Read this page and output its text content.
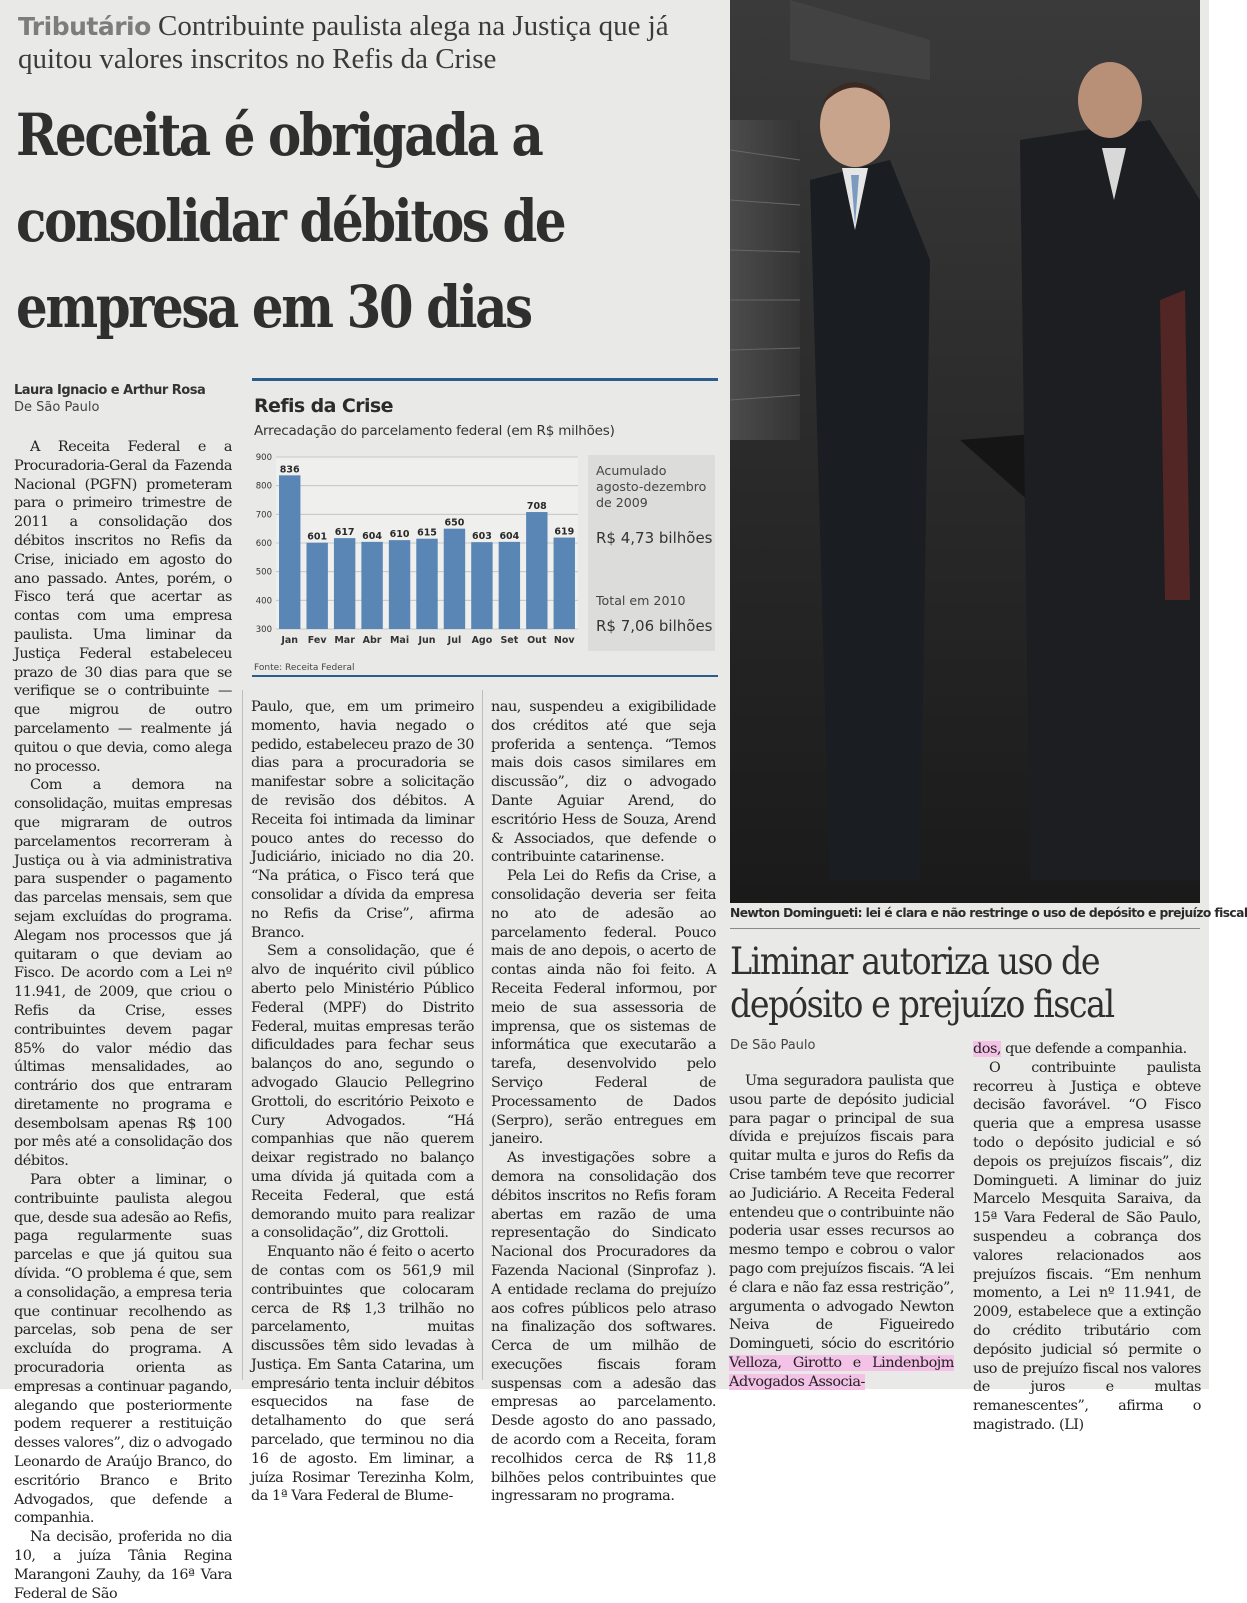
Tributário Contribuinte paulista alega na Justiça que já quitou valores inscritos no Refis da Crise
Receita é obrigada a
consolidar débitos de
empresa em 30 dias
Laura Ignacio e Arthur Rosa
De São Paulo

A Receita Federal e a Procuradoria-Geral da Fazenda Nacional (PGFN) prometeram para o primeiro trimestre de 2011 a consolidação dos débitos inscritos no Refis da Crise, iniciado em agosto do ano passado. Antes, porém, o Fisco terá que acertar as contas com uma empresa paulista. Uma liminar da Justiça Federal estabeleceu prazo de 30 dias para que se verifique se o contribuinte — que migrou de outro parcelamento — realmente já quitou o que devia, como alega no processo.

Com a demora na consolidação, muitas empresas que migraram de outros parcelamentos recorreram à Justiça ou à via administrativa para suspender o pagamento das parcelas mensais, sem que sejam excluídas do programa. Alegam nos processos que já quitaram o que deviam ao Fisco. De acordo com a Lei nº 11.941, de 2009, que criou o Refis da Crise, esses contribuintes devem pagar 85% do valor médio das últimas mensalidades, ao contrário dos que entraram diretamente no programa e desembolsam apenas R$ 100 por mês até a consolidação dos débitos.

Para obter a liminar, o contribuinte paulista alegou que, desde sua adesão ao Refis, paga regularmente suas parcelas e que já quitou sua dívida. “O problema é que, sem a consolidação, a empresa teria que continuar recolhendo as parcelas, sob pena de ser excluída do programa. A procuradoria orienta as empresas a continuar pagando, alegando que posteriormente podem requerer a restituição desses valores”, diz o advogado Leonardo de Araújo Branco, do escritório Branco e Brito Advogados, que defende a companhia.

Na decisão, proferida no dia 10, a juíza Tânia Regina Marangoni Zauhy, da 16ª Vara Federal de São

Paulo, que, em um primeiro momento, havia negado o pedido, estabeleceu prazo de 30 dias para a procuradoria se manifestar sobre a solicitação de revisão dos débitos. A Receita foi intimada da liminar pouco antes do recesso do Judiciário, iniciado no dia 20. “Na prática, o Fisco terá que consolidar a dívida da empresa no Refis da Crise”, afirma Branco.

Sem a consolidação, que é alvo de inquérito civil público aberto pelo Ministério Público Federal (MPF) do Distrito Federal, muitas empresas terão dificuldades para fechar seus balanços do ano, segundo o advogado Glaucio Pellegrino Grottoli, do escritório Peixoto e Cury Advogados. “Há companhias que não querem deixar registrado no balanço uma dívida já quitada com a Receita Federal, que está demorando muito para realizar a consolidação”, diz Grottoli.

Enquanto não é feito o acerto de contas com os 561,9 mil contribuintes que colocaram cerca de R$ 1,3 trilhão no parcelamento, muitas discussões têm sido levadas à Justiça. Em Santa Catarina, um empresário tenta incluir débitos esquecidos na fase de detalhamento do que será parcelado, que terminou no dia 16 de agosto. Em liminar, a juíza Rosimar Terezinha Kolm, da 1ª Vara Federal de Blume-

nau, suspendeu a exigibilidade dos créditos até que seja proferida a sentença. “Temos mais dois casos similares em discussão”, diz o advogado Dante Aguiar Arend, do escritório Hess de Souza, Arend & Associados, que defende o contribuinte catarinense.

Pela Lei do Refis da Crise, a consolidação deveria ser feita no ato de adesão ao parcelamento federal. Pouco mais de ano depois, o acerto de contas ainda não foi feito. A Receita Federal informou, por meio de sua assessoria de imprensa, que os sistemas de informática que executarão a tarefa, desenvolvido pelo Serviço Federal de Processamento de Dados (Serpro), serão entregues em janeiro.

As investigações sobre a demora na consolidação dos débitos inscritos no Refis foram abertas em razão de uma representação do Sindicato Nacional dos Procuradores da Fazenda Nacional (Sinprofaz ). A entidade reclama do prejuízo aos cofres públicos pelo atraso na finalização dos softwares. Cerca de um milhão de execuções fiscais foram suspensas com a adesão das empresas ao parcelamento. Desde agosto do ano passado, de acordo com a Receita, foram recolhidos cerca de R$ 11,8 bilhões pelos contribuintes que ingressaram no programa.

Refis da Crise
Arrecadação do parcelamento federal (em R$ milhões)
900
800
700
600
500
400
300
836
Jan
601
Fev
617
Mar
604
Abr
610
Mai
615
Jun
650
Jul
603
Ago
604
Set
708
Out
619
Nov
Fonte: Receita Federal
Acumulado agosto-dezembro de 2009
R$ 4,73 bilhões
Total em 2010
R$ 7,06 bilhões
Newton Domingueti: lei é clara e não restringe o uso de depósito e prejuízo fiscal
Liminar autoriza uso de
depósito e prejuízo fiscal
De São Paulo

Uma seguradora paulista que usou parte de depósito judicial para pagar o principal de sua dívida e prejuízos fiscais para quitar multa e juros do Refis da Crise também teve que recorrer ao Judiciário. A Receita Federal entendeu que o contribuinte não poderia usar esses recursos ao mesmo tempo e cobrou o valor pago com prejuízos fiscais. “A lei é clara e não faz essa restrição”, argumenta o advogado Newton Neiva de Figueiredo Domingueti, sócio do escritório Velloza, Girotto e Lindenbojm Advogados Associa-

dos, que defende a companhia.

O contribuinte paulista recorreu à Justiça e obteve decisão favorável. “O Fisco queria que a empresa usasse todo o depósito judicial e só depois os prejuízos fiscais”, diz Domingueti. A liminar do juiz Marcelo Mesquita Saraiva, da 15ª Vara Federal de São Paulo, suspendeu a cobrança dos valores relacionados aos prejuízos fiscais. “Em nenhum momento, a Lei nº 11.941, de 2009, estabelece que a extinção do crédito tributário com depósito judicial só permite o uso de prejuízo fiscal nos valores de juros e multas remanescentes”, afirma o magistrado. (LI)
